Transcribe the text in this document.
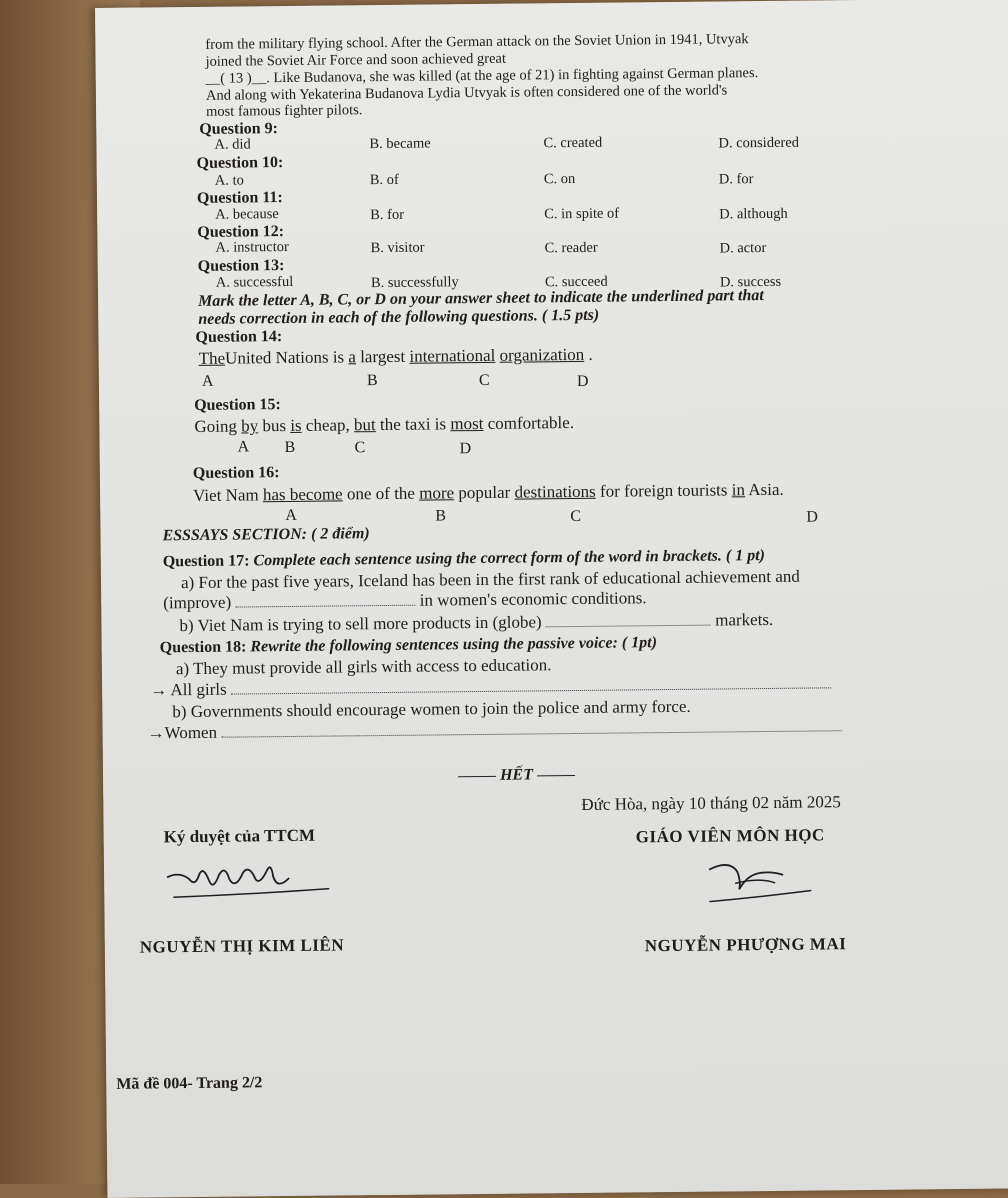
from the military flying school. After the German attack on the Soviet Union in 1941, Utvyak
joined the Soviet Air Force and soon achieved great
__( 13 )__. Like Budanova, she was killed (at the age of 21) in fighting against German planes.
And along with Yekaterina Budanova Lydia Utvyak is often considered one of the world's
most famous fighter pilots.
Question 9:
A. did	B. became	C. created	D. considered
Question 10:
A. to	B. of	C. on	D. for
Question 11:
A. because	B. for	C. in spite of	D. although
Question 12:
A. instructor	B. visitor	C. reader	D. actor
Question 13:
A. successful	B. successfully	C. succeed	D. success
Mark the letter A, B, C, or D on your answer sheet to indicate the underlined part that
needs correction in each of the following questions. ( 1.5 pts)
Question 14:
TheUnited Nations is a largest international organization .
A	B	C	D
Question 15:
Going by bus is cheap, but the taxi is most comfortable.
A B	C	D
Question 16:
Viet Nam has become one of the more popular destinations for foreign tourists in Asia.
A	B	C	D
ESSSAYS SECTION: ( 2 điểm)
Question 17: Complete each sentence using the correct form of the word in brackets. ( 1 pt)
a) For the past five years, Iceland has been in the first rank of educational achievement and
(improve)	in women's economic conditions.
b) Viet Nam is trying to sell more products in (globe)	markets.
Question 18: Rewrite the following sentences using the passive voice: ( 1pt)
a) They must provide all girls with access to education.
→ All girls
b) Governments should encourage women to join the police and army force.
→Women
HẾT
Đức Hòa, ngày 10 tháng 02 năm 2025
Ký duyệt của TTCM	GIÁO VIÊN MÔN HỌC
NGUYỄN THỊ KIM LIÊN	NGUYỄN PHƯỢNG MAI
Mã đề 004- Trang 2/2
